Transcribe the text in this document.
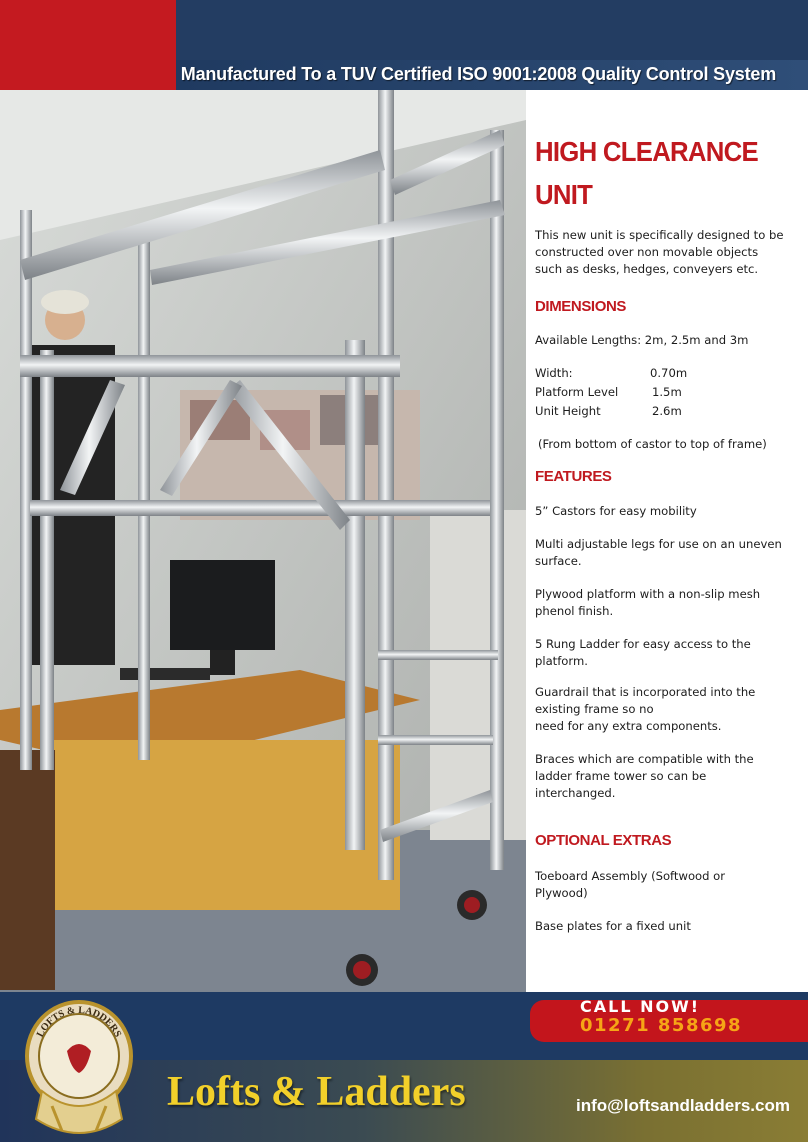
Manufactured To a TUV Certified ISO 9001:2008 Quality Control System
HIGH CLEARANCE
UNIT
This new unit is specifically designed to be
constructed over non movable objects
such as desks, hedges, conveyers etc.
DIMENSIONS
Available Lengths: 2m, 2.5m and 3m
Width:	0.70m
Platform Level	1.5m
Unit Height	2.6m
(From bottom of castor to top of frame)
FEATURES
5” Castors for easy mobility
Multi adjustable legs for use on an uneven
surface.
Plywood platform with a non-slip mesh
phenol finish.
5 Rung Ladder for easy access to the
platform.
Guardrail that is incorporated into the
existing frame so no
need for any extra components.
Braces which are compatible with the
ladder frame tower so can be
interchanged.
OPTIONAL EXTRAS
Toeboard Assembly (Softwood or
Plywood)
Base plates for a fixed unit
CALL NOW!
01271 858698
LOFTS & LADDERS
Lofts & Ladders	info@loftsandladders.com
